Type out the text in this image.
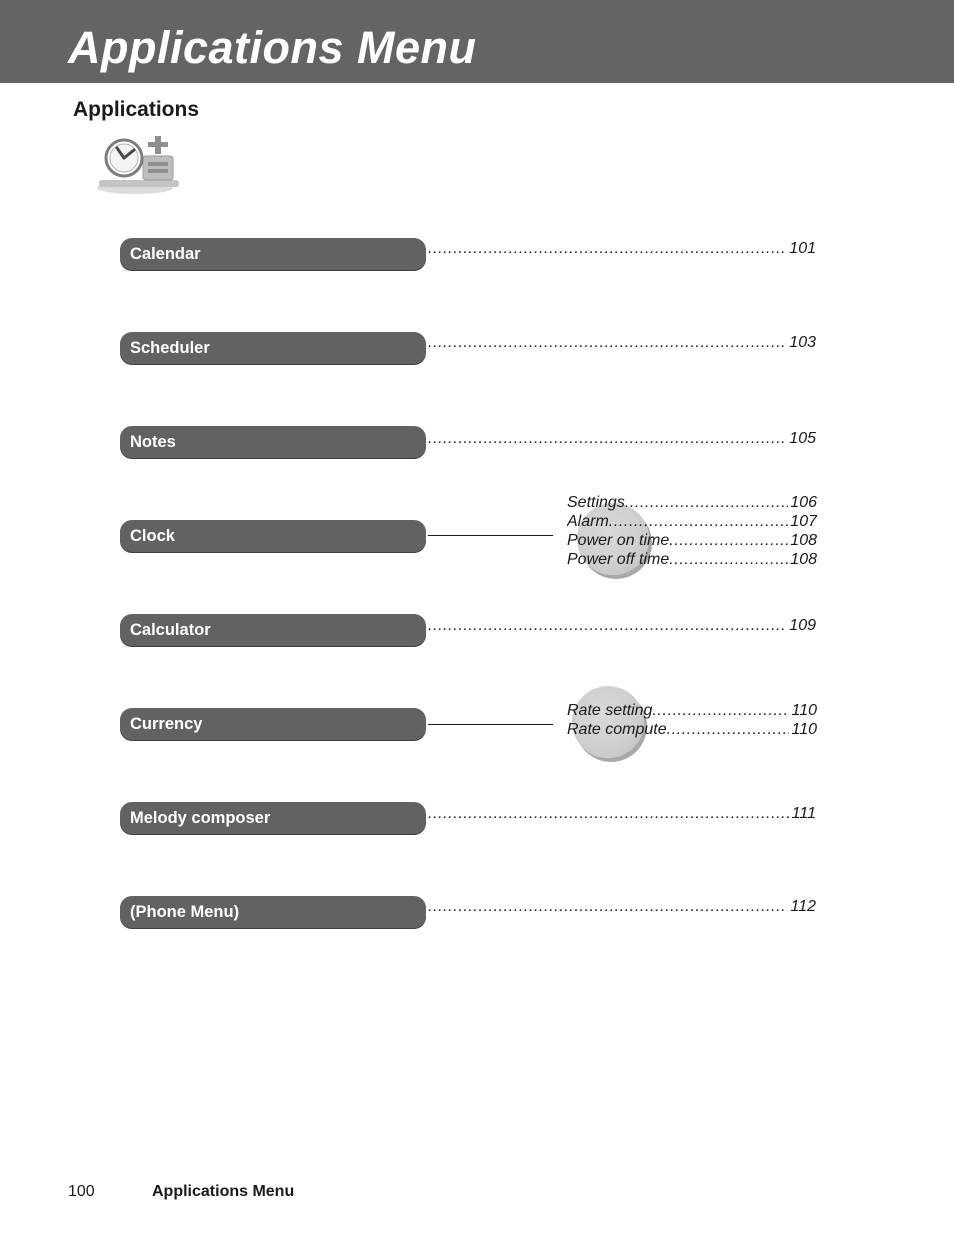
Applications Menu
Applications
Calendar .....	101
Scheduler .....	103
Notes .....	105
Clock
Settings .....	106
Alarm .....	107
Power on time .....	108
Power off time .....	108
Calculator .....	109
Currency
Rate setting .....	110
Rate compute .....	110
Melody composer .....	111
(Phone Menu) .....	112
100	Applications Menu
